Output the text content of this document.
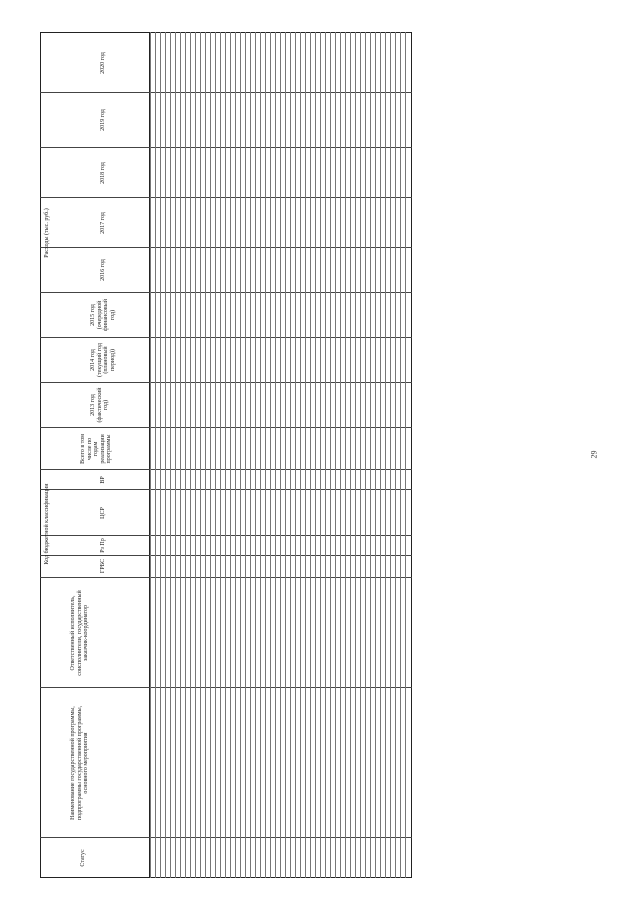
Статус
Наименование государственной программы, подпрограммы государственной программы, основного мероприятия
Ответственный исполнитель, соисполнители, государственный заказчик-координатор
Код бюджетной классификации
ГРБС
Рз Пр
ЦСР
ВР
Расходы (тыс. руб.)
Всего в том числе по годам реализации программы
2013 год (фактический год)
2014 год (текущий год (плановый период))
2015 год (очередной финансовый год)
2016 год
2017 год
2018 год
2019 год
2020 год
29
